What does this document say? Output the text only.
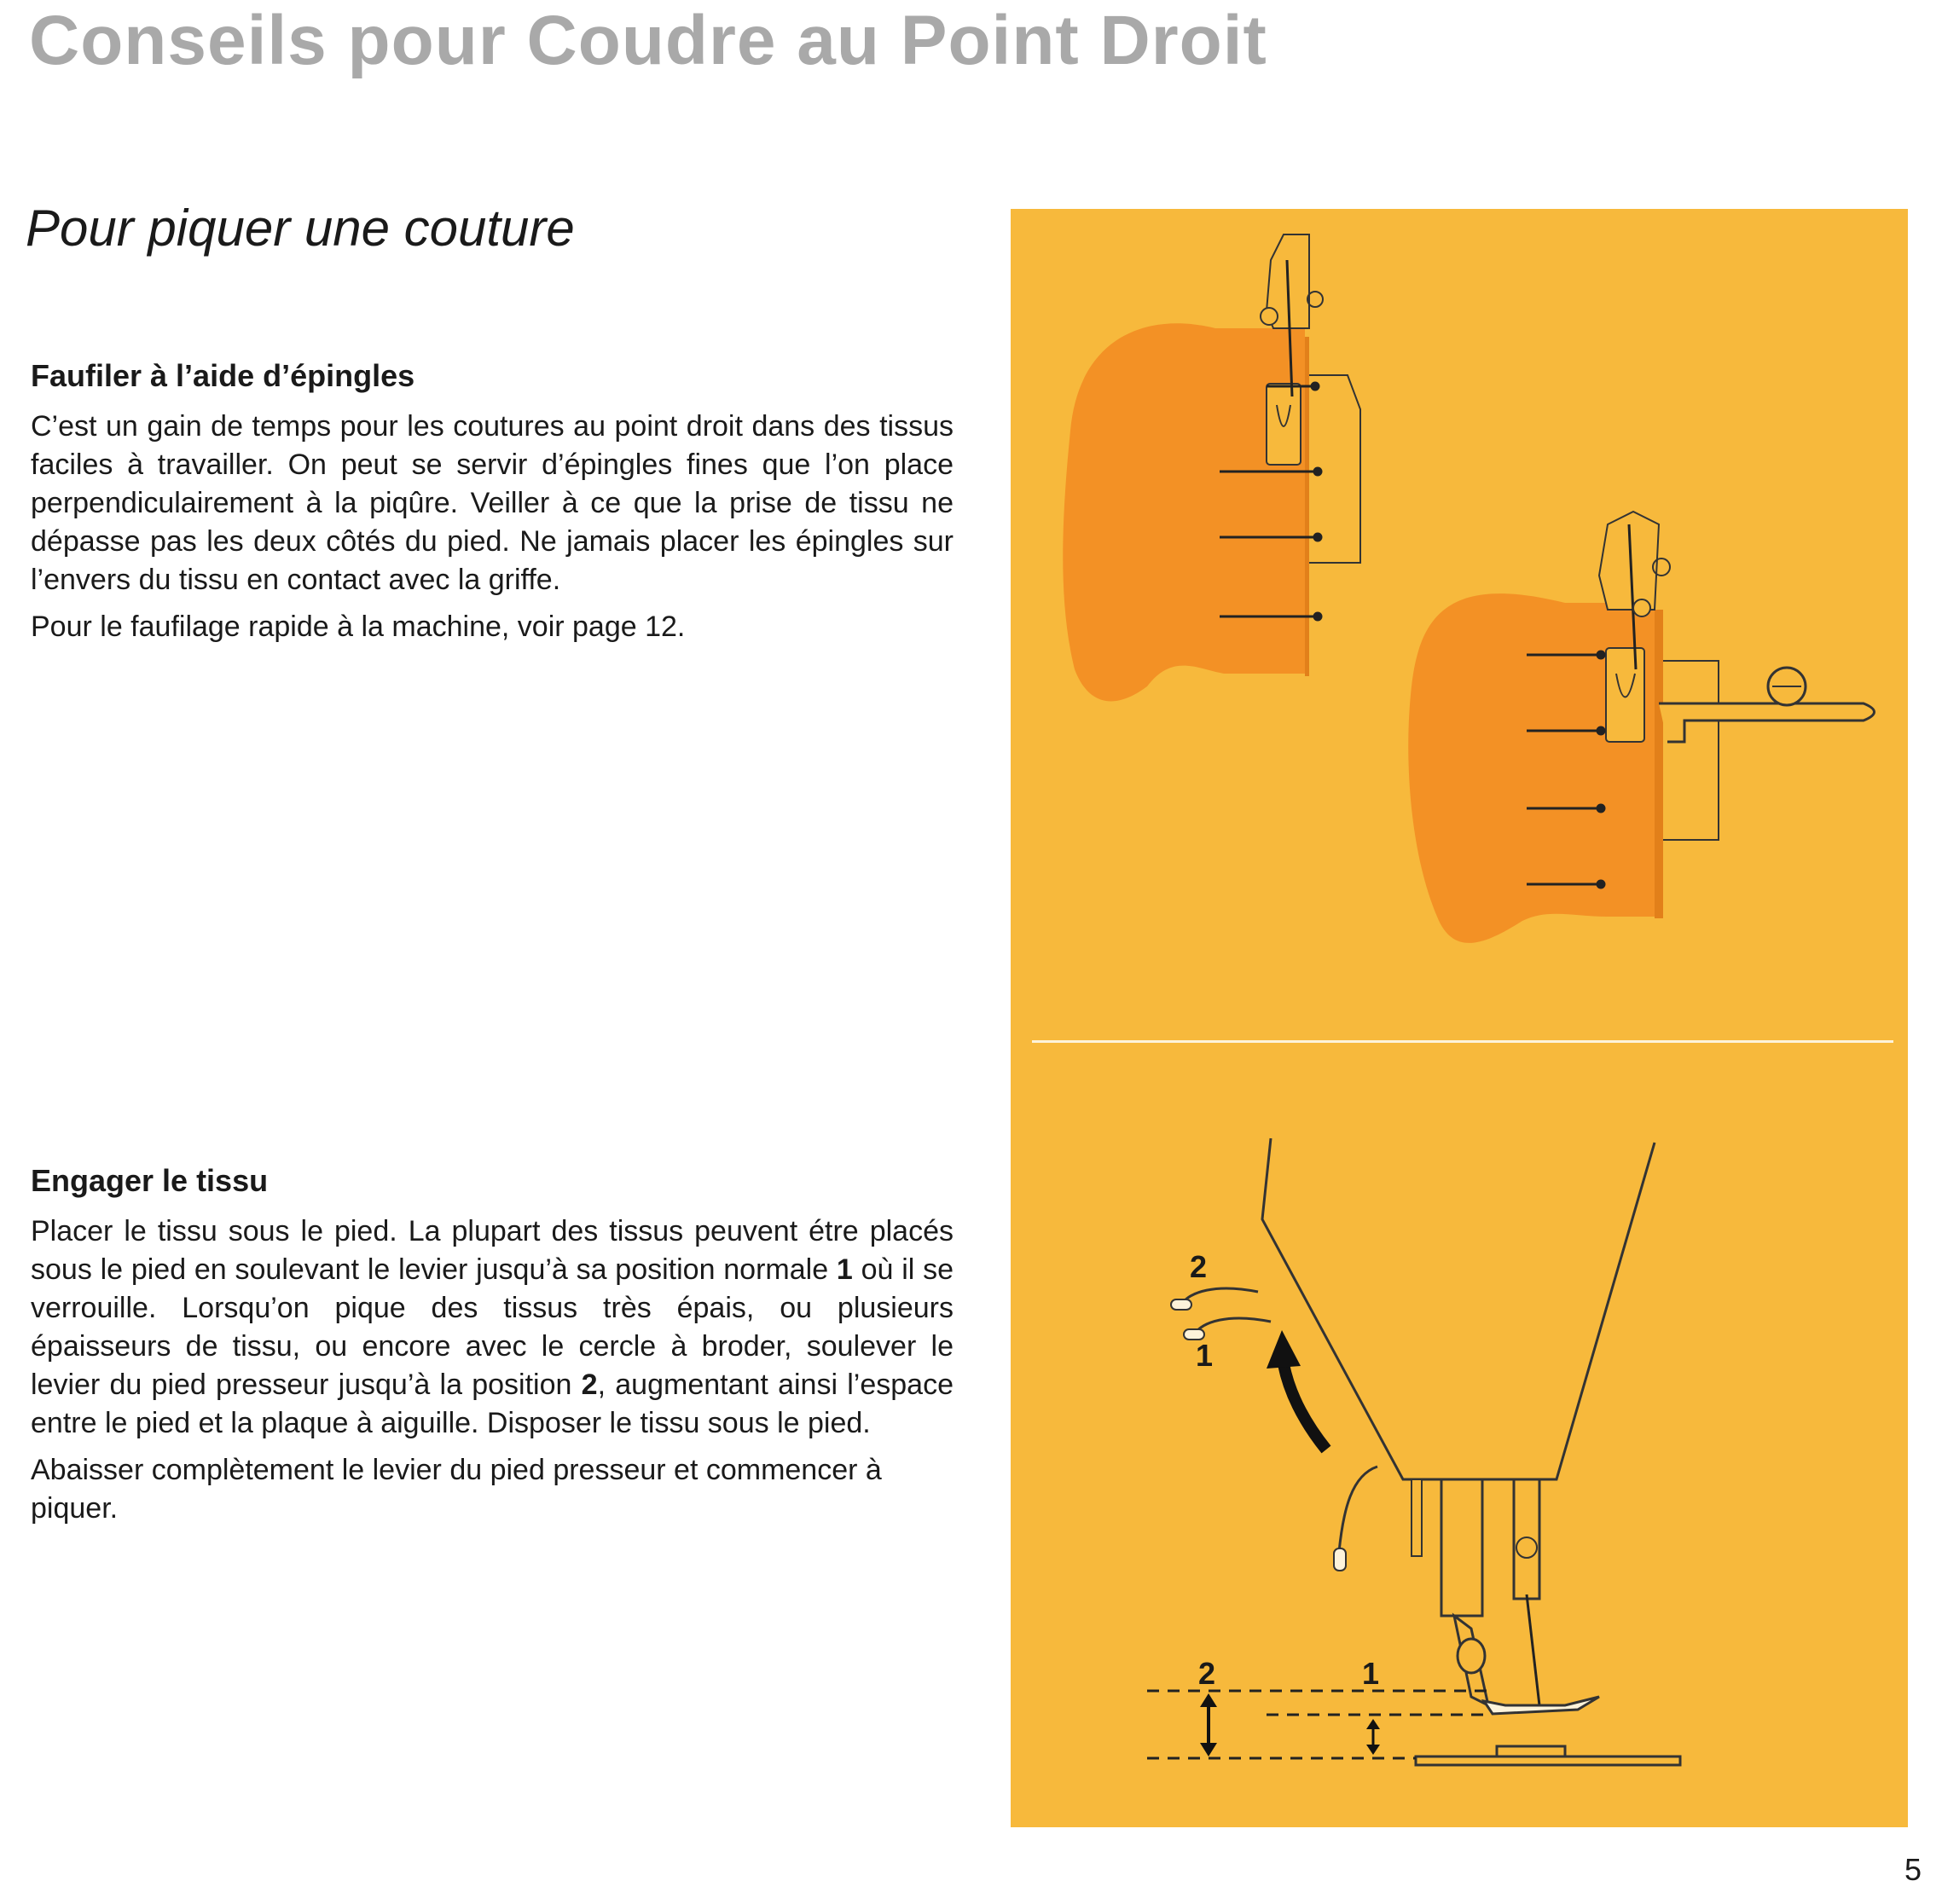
Conseils pour Coudre au Point Droit
Pour piquer une couture
Faufiler à l’aide d’épingles

C’est un gain de temps pour les coutures au point droit dans des tissus faciles à travailler. On peut se servir d’épingles fines que l’on place perpendiculairement à la piqûre. Veiller à ce que la prise de tissu ne dépasse pas les deux côtés du pied. Ne jamais placer les épingles sur l’envers du tissu en contact avec la griffe.

Pour le faufilage rapide à la machine, voir page 12.

Engager le tissu

Placer le tissu sous le pied. La plupart des tissus peuvent étre placés sous le pied en soulevant le levier jusqu’à sa position normale 1 où il se verrouille. Lorsqu’on pique des tissus très épais, ou plusieurs épaisseurs de tissu, ou encore avec le cercle à broder, soulever le levier du pied presseur jusqu’à la position 2, augmentant ainsi l’espace entre le pied et la plaque à aiguille. Disposer le tissu sous le pied.

Abaisser complètement le levier du pied presseur et commencer à piquer.

2
1
2	1
5
